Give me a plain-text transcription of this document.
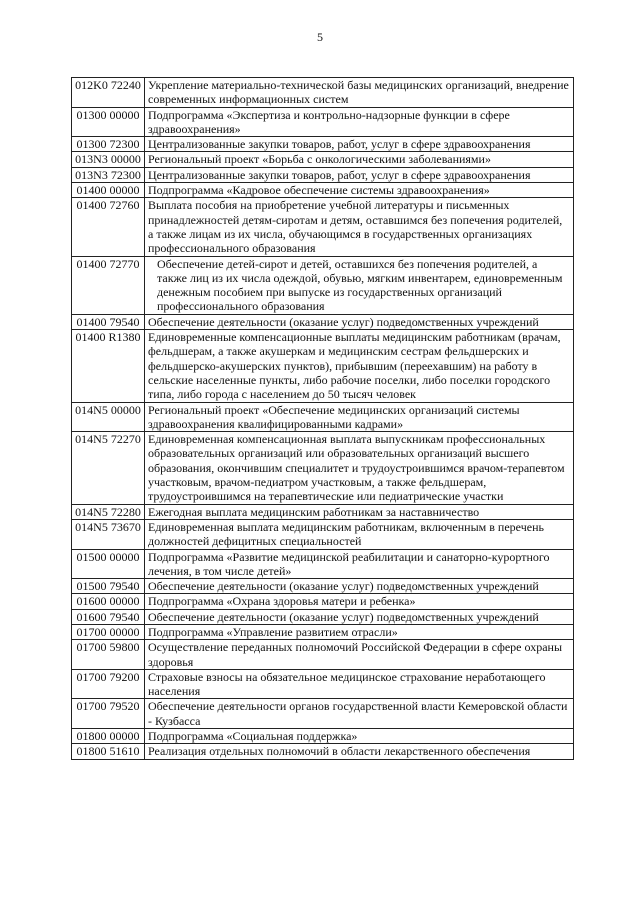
5
012K0 72240	Укрепление материально-технической базы медицинских организаций, внедрение современных информационных систем
01300 00000	Подпрограмма «Экспертиза и контрольно-надзорные функции в сфере здравоохранения»
01300 72300	Централизованные закупки товаров, работ, услуг в сфере здравоохранения
013N3 00000	Региональный проект «Борьба с онкологическими заболеваниями»
013N3 72300	Централизованные закупки товаров, работ, услуг в сфере здравоохранения
01400 00000	Подпрограмма «Кадровое обеспечение системы здравоохранения»
01400 72760	Выплата пособия на приобретение учебной литературы и письменных принадлежностей детям-сиротам и детям, оставшимся без попечения родителей, а также лицам из их числа, обучающимся в государственных организациях профессионального образования
01400 72770	Обеспечение детей-сирот и детей, оставшихся без попечения родителей, а также лиц из их числа одеждой, обувью, мягким инвентарем, единовременным денежным пособием при выпуске из государственных организаций профессионального образования
01400 79540	Обеспечение деятельности (оказание услуг) подведомственных учреждений
01400 R1380	Единовременные компенсационные выплаты медицинским работникам (врачам, фельдшерам, а также акушеркам и медицинским сестрам фельдшерских и фельдшерско-акушерских пунктов), прибывшим (переехавшим) на работу в сельские населенные пункты, либо рабочие поселки, либо поселки городского типа, либо города с населением до 50 тысяч человек
014N5 00000	Региональный проект «Обеспечение медицинских организаций системы здравоохранения квалифицированными кадрами»
014N5 72270	Единовременная компенсационная выплата выпускникам профессиональных образовательных организаций или образовательных организаций высшего образования, окончившим специалитет и трудоустроившимся врачом-терапевтом участковым, врачом-педиатром участковым, а также фельдшерам, трудоустроившимся на терапевтические или педиатрические участки
014N5 72280	Ежегодная выплата медицинским работникам за наставничество
014N5 73670	Единовременная выплата медицинским работникам, включенным в перечень должностей дефицитных специальностей
01500 00000	Подпрограмма «Развитие медицинской реабилитации и санаторно-курортного лечения, в том числе детей»
01500 79540	Обеспечение деятельности (оказание услуг) подведомственных учреждений
01600 00000	Подпрограмма «Охрана здоровья матери и ребенка»
01600 79540	Обеспечение деятельности (оказание услуг) подведомственных учреждений
01700 00000	Подпрограмма «Управление развитием отрасли»
01700 59800	Осуществление переданных полномочий Российской Федерации в сфере охраны здоровья
01700 79200	Страховые взносы на обязательное медицинское страхование неработающего населения
01700 79520	Обеспечение деятельности органов государственной власти Кемеровской области - Кузбасса
01800 00000	Подпрограмма «Социальная поддержка»
01800 51610	Реализация отдельных полномочий в области лекарственного обеспечения
